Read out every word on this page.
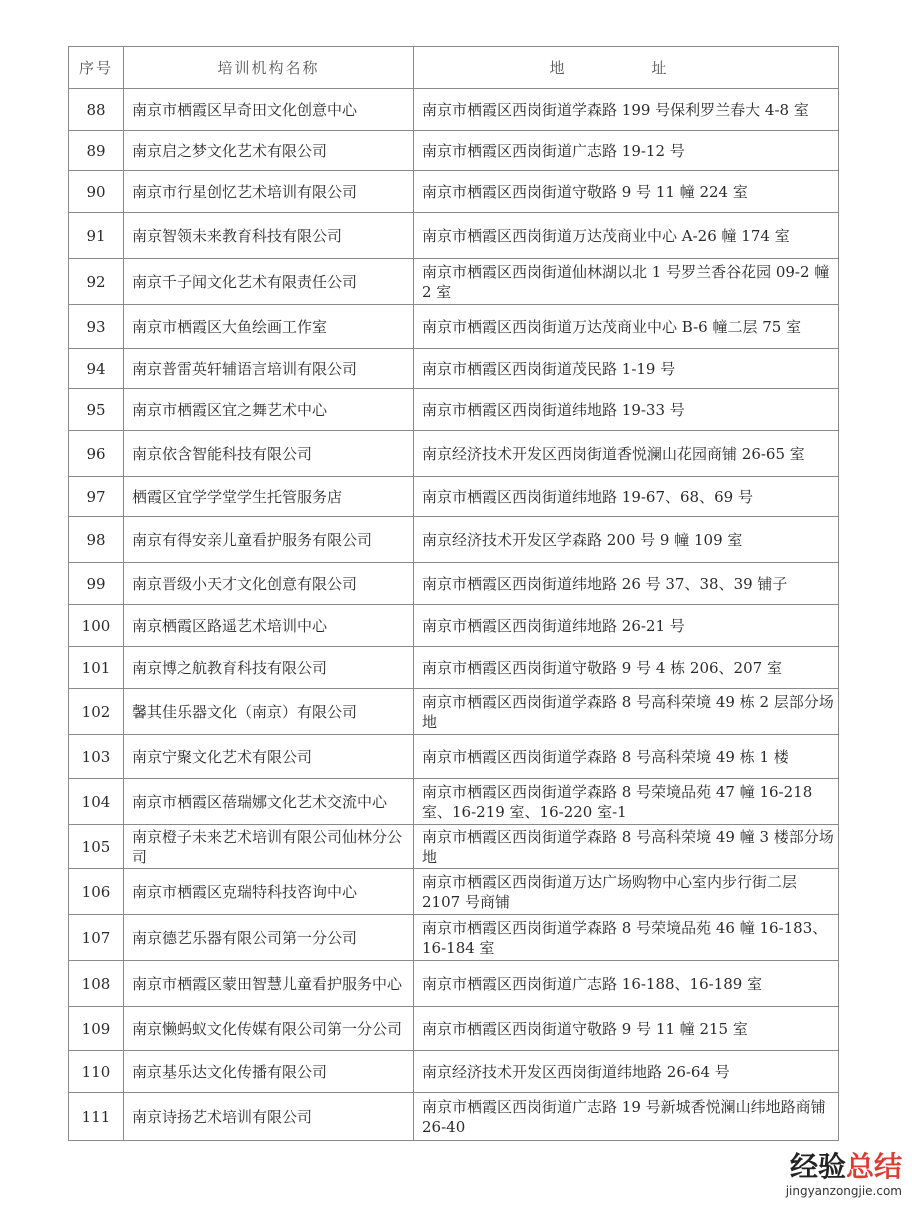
序号	培训机构名称	地　址
88	南京市栖霞区早奇田文化创意中心	南京市栖霞区西岗街道学森路 199 号保利罗兰春大 4-8 室
89	南京启之梦文化艺术有限公司	南京市栖霞区西岗街道广志路 19-12 号
90	南京市行星创忆艺术培训有限公司	南京市栖霞区西岗街道守敬路 9 号 11 幢 224 室
91	南京智领未来教育科技有限公司	南京市栖霞区西岗街道万达茂商业中心 A-26 幢 174 室
92	南京千子闻文化艺术有限责任公司	南京市栖霞区西岗街道仙林湖以北 1 号罗兰香谷花园 09-2 幢 2 室
93	南京市栖霞区大鱼绘画工作室	南京市栖霞区西岗街道万达茂商业中心 B-6 幢二层 75 室
94	南京普雷英轩辅语言培训有限公司	南京市栖霞区西岗街道茂民路 1-19 号
95	南京市栖霞区宜之舞艺术中心	南京市栖霞区西岗街道纬地路 19-33 号
96	南京依含智能科技有限公司	南京经济技术开发区西岗街道香悦澜山花园商铺 26-65 室
97	栖霞区宜学学堂学生托管服务店	南京市栖霞区西岗街道纬地路 19-67、68、69 号
98	南京有得安亲儿童看护服务有限公司	南京经济技术开发区学森路 200 号 9 幢 109 室
99	南京晋级小天才文化创意有限公司	南京市栖霞区西岗街道纬地路 26 号 37、38、39 铺子
100	南京栖霞区路遥艺术培训中心	南京市栖霞区西岗街道纬地路 26-21 号
101	南京博之航教育科技有限公司	南京市栖霞区西岗街道守敬路 9 号 4 栋 206、207 室
102	馨其佳乐器文化（南京）有限公司	南京市栖霞区西岗街道学森路 8 号高科荣境 49 栋 2 层部分场地
103	南京宁聚文化艺术有限公司	南京市栖霞区西岗街道学森路 8 号高科荣境 49 栋 1 楼
104	南京市栖霞区蓓瑞娜文化艺术交流中心	南京市栖霞区西岗街道学森路 8 号荣境品苑 47 幢 16-218 室、16-219 室、16-220 室-1
105	南京橙子未来艺术培训有限公司仙林分公司	南京市栖霞区西岗街道学森路 8 号高科荣境 49 幢 3 楼部分场地
106	南京市栖霞区克瑞特科技咨询中心	南京市栖霞区西岗街道万达广场购物中心室内步行街二层 2107 号商铺
107	南京德艺乐器有限公司第一分公司	南京市栖霞区西岗街道学森路 8 号荣境品苑 46 幢 16-183、16-184 室
108	南京市栖霞区蒙田智慧儿童看护服务中心	南京市栖霞区西岗街道广志路 16-188、16-189 室
109	南京懒蚂蚁文化传媒有限公司第一分公司	南京市栖霞区西岗街道守敬路 9 号 11 幢 215 室
110	南京基乐达文化传播有限公司	南京经济技术开发区西岗街道纬地路 26-64 号
111	南京诗扬艺术培训有限公司	南京市栖霞区西岗街道广志路 19 号新城香悦澜山纬地路商铺 26-40
经验总结
jingyanzongjie.com
